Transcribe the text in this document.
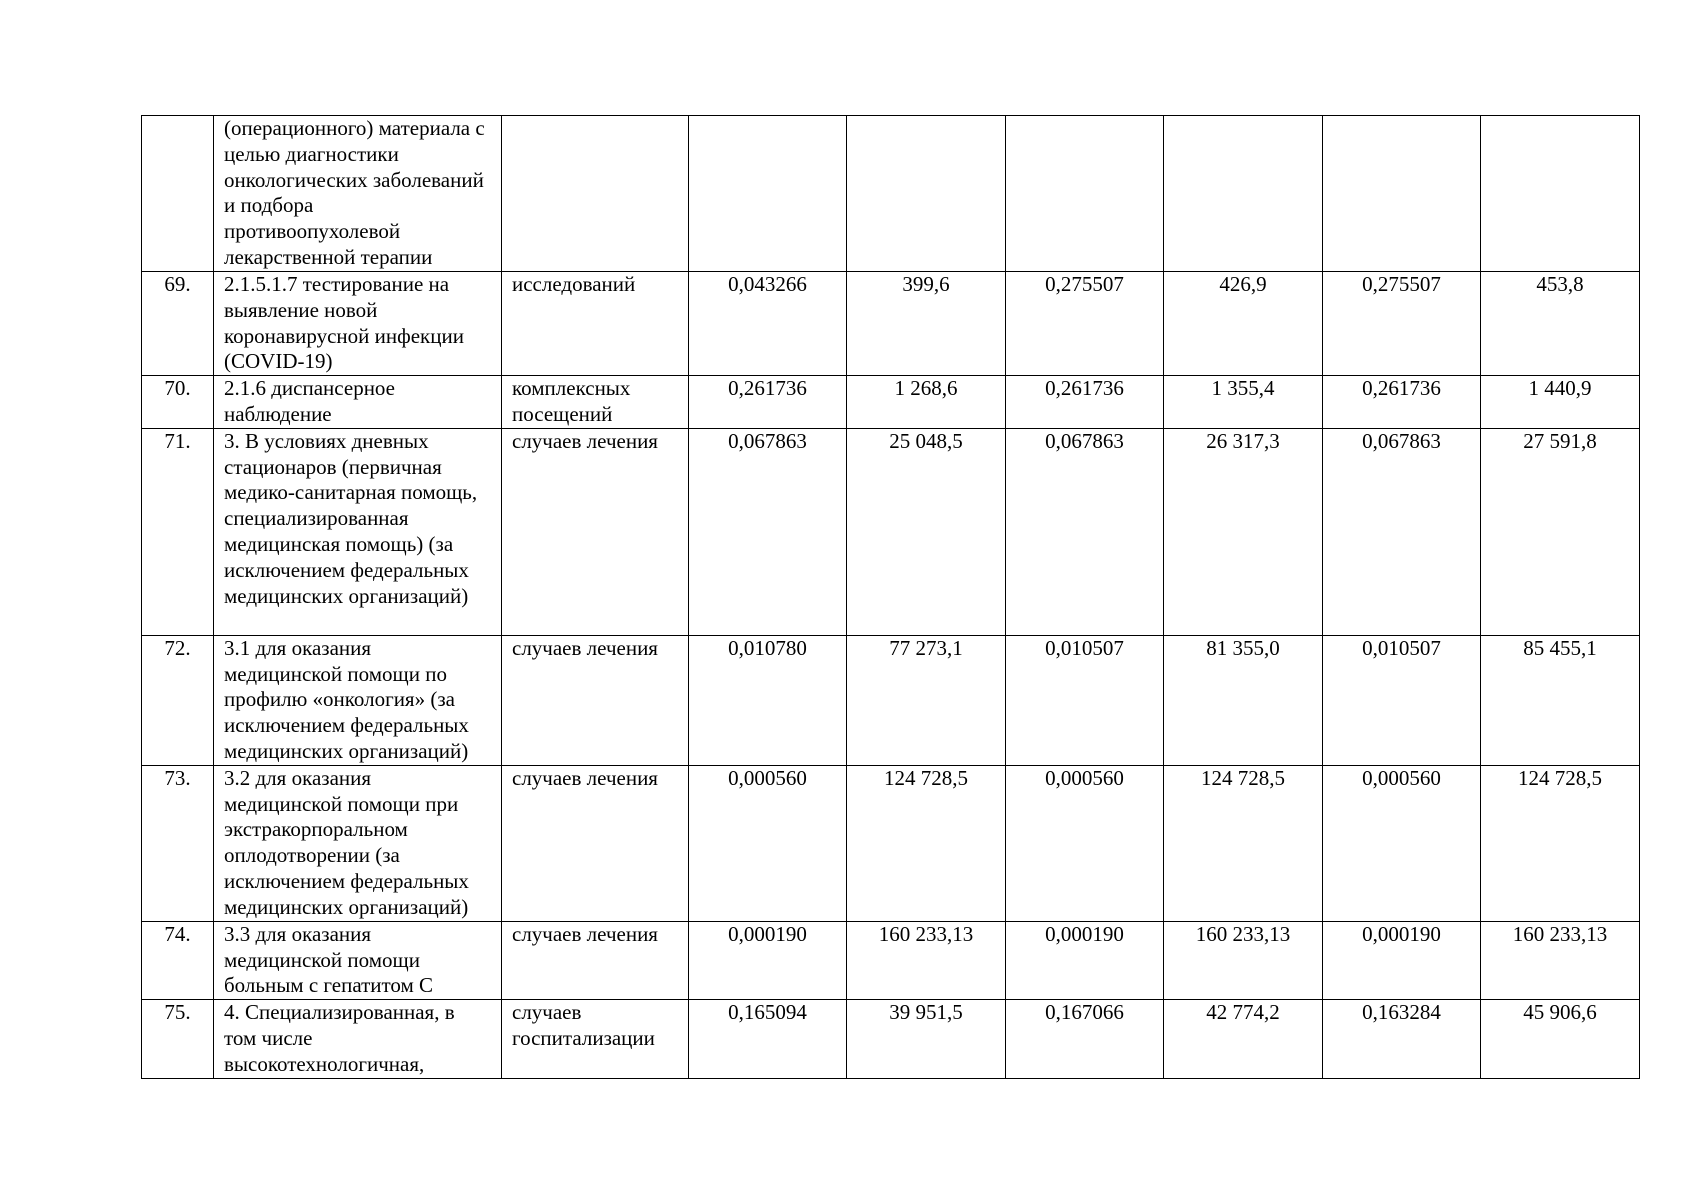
	(операционного) материала с целью диагностики онкологических заболеваний и подбора противоопухолевой лекарственной терапии							
69.	2.1.5.1.7 тестирование на выявление новой коронавирусной инфекции (COVID-19)	исследований	0,043266	399,6	0,275507	426,9	0,275507	453,8
70.	2.1.6 диспансерное наблюдение	комплексных посещений	0,261736	1 268,6	0,261736	1 355,4	0,261736	1 440,9
71.	3. В условиях дневных стационаров (первичная медико-санитарная помощь, специализированная медицинская помощь) (за исключением федеральных медицинских организаций)	случаев лечения	0,067863	25 048,5	0,067863	26 317,3	0,067863	27 591,8
72.	3.1 для оказания медицинской помощи по профилю «онкология» (за исключением федеральных медицинских организаций)	случаев лечения	0,010780	77 273,1	0,010507	81 355,0	0,010507	85 455,1
73.	3.2 для оказания медицинской помощи при экстракорпоральном оплодотворении (за исключением федеральных медицинских организаций)	случаев лечения	0,000560	124 728,5	0,000560	124 728,5	0,000560	124 728,5
74.	3.3 для оказания медицинской помощи больным с гепатитом С	случаев лечения	0,000190	160 233,13	0,000190	160 233,13	0,000190	160 233,13
75.	4. Специализированная, в том числе высокотехнологичная,	случаев госпитализации	0,165094	39 951,5	0,167066	42 774,2	0,163284	45 906,6
